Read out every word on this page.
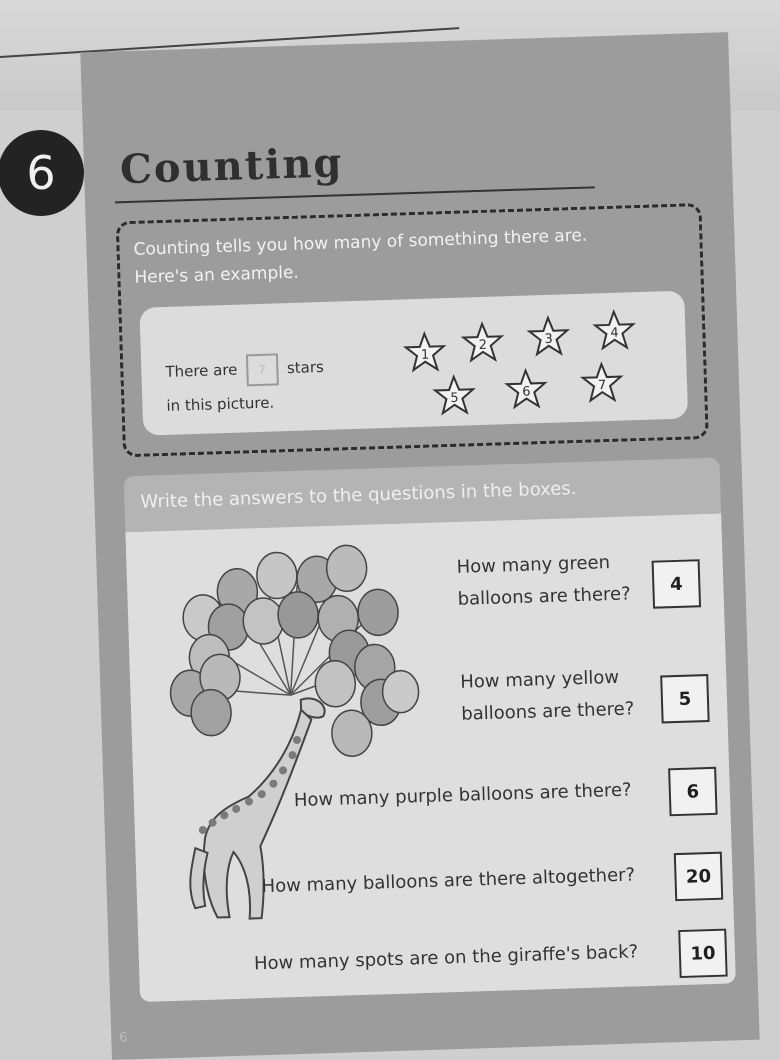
6 Counting
Counting tells you how many of something there are.
Here's an example.
There are 7 stars
in this picture.
1
2	3	4
5	6	7
Write the answers to the questions in the boxes.
How many green
balloons are there?	4
How many yellow
balloons are there?	5
How many purple balloons are there?	6
How many balloons are there altogether?	20
How many spots are on the giraffe's back?	10
6
